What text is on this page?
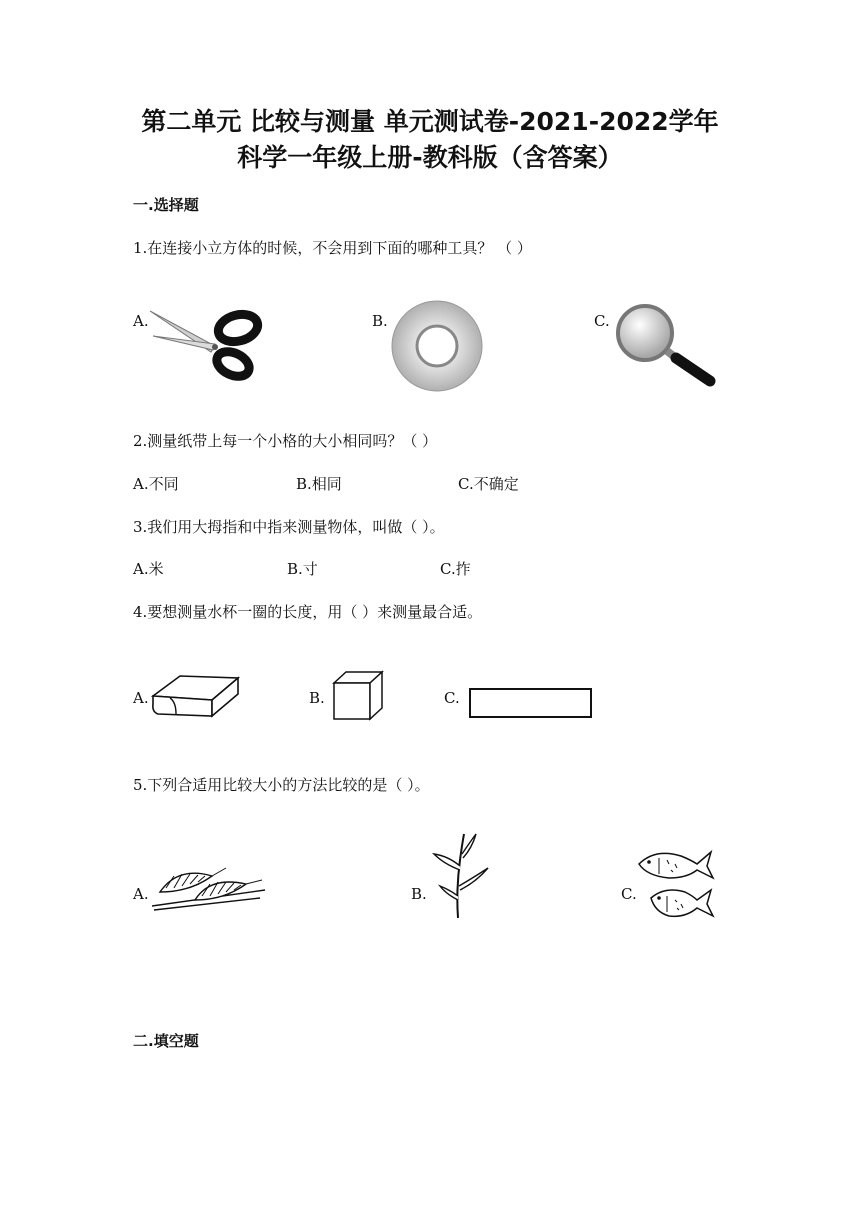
第二单元 比较与测量 单元测试卷-2021-2022学年
科学一年级上册-教科版（含答案）
一.选择题
1.在连接小立方体的时候，不会用到下面的哪种工具？ （ ）
A.	B.	C.
2.测量纸带上每一个小格的大小相同吗？（ ）
A.不同	B.相同	C.不确定
3.我们用大拇指和中指来测量物体，叫做（ ）。
A.米	B.寸	C.拃
4.要想测量水杯一圈的长度，用（ ）来测量最合适。
A.	B.	C.
5.下列合适用比较大小的方法比较的是（ ）。
A.	B.	C.
二.填空题
